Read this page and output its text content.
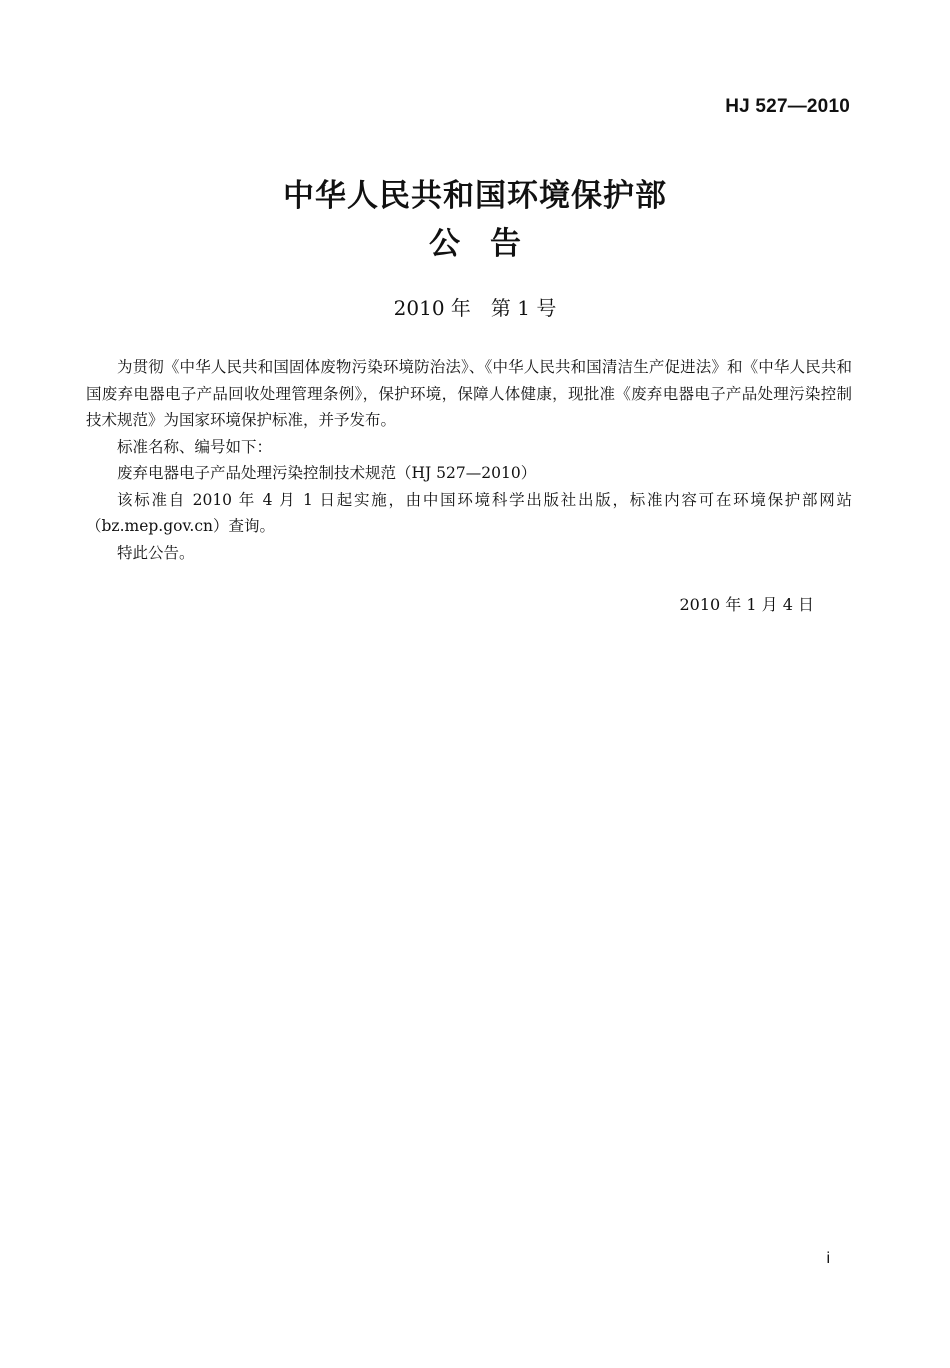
HJ 527—2010
中华人民共和国环境保护部
公告
2010 年　第 1 号

为贯彻《中华人民共和国固体废物污染环境防治法》、《中华人民共和国清洁生产促进法》和《中华人民共和国废弃电器电子产品回收处理管理条例》，保护环境，保障人体健康，现批准《废弃电器电子产品处理污染控制技术规范》为国家环境保护标准，并予发布。

标准名称、编号如下：

废弃电器电子产品处理污染控制技术规范（HJ 527—2010）

该标准自 2010 年 4 月 1 日起实施，由中国环境科学出版社出版，标准内容可在环境保护部网站（bz.mep.gov.cn）查询。

特此公告。

2010 年 1 月 4 日
i
